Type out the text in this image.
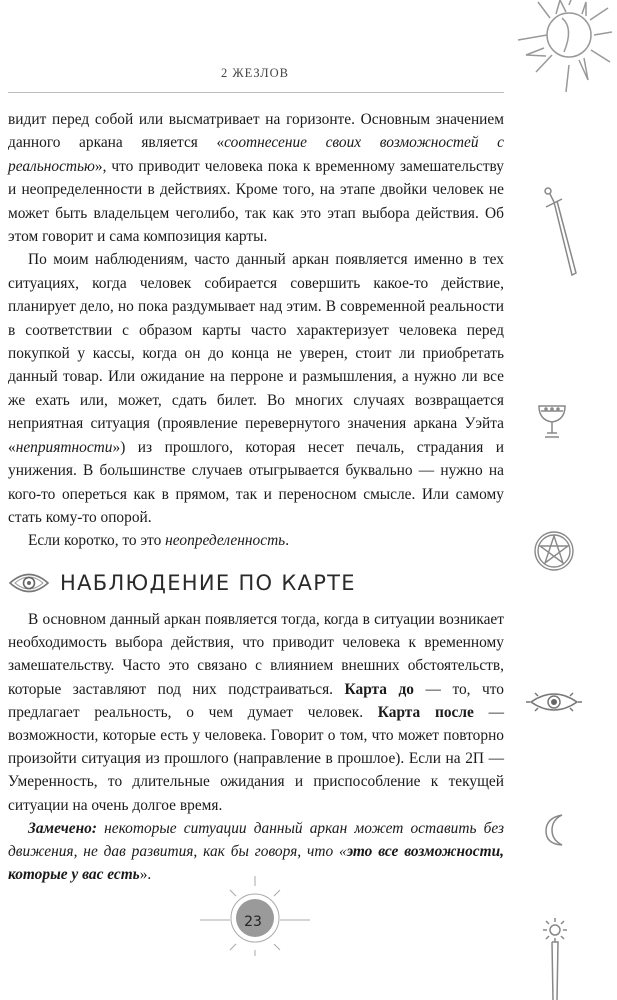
2 ЖЕЗЛОВ

видит перед собой или высматривает на горизонте. Основным значением данного аркана является «соотнесение своих возможностей с реальностью», что приводит человека пока к временному замешательству и неопределенности в действиях. Кроме того, на этапе двойки человек не может быть владельцем чеголибо, так как это этап выбора действия. Об этом говорит и сама композиция карты.

По моим наблюдениям, часто данный аркан появляется именно в тех ситуациях, когда человек собирается совершить какое-то действие, планирует дело, но пока раздумывает над этим. В современной реальности в соответствии с образом карты часто характеризует человека перед покупкой у кассы, когда он до конца не уверен, стоит ли приобретать данный товар. Или ожидание на перроне и размышления, а нужно ли все же ехать или, может, сдать билет. Во многих случаях возвращается неприятная ситуация (проявление перевернутого значения аркана Уэйта «неприятности») из прошлого, которая несет печаль, страдания и унижения. В большинстве случаев отыгрывается буквально — нужно на кого-то опереться как в прямом, так и переносном смысле. Или самому стать кому-то опорой.

Если коротко, то это неопределенность.

НАБЛЮДЕНИЕ ПО КАРТЕ

В основном данный аркан появляется тогда, когда в ситуации возникает необходимость выбора действия, что приводит человека к временному замешательству. Часто это связано с влиянием внешних обстоятельств, которые заставляют под них подстраиваться. Карта до — то, что предлагает реальность, о чем думает человек. Карта после — возможности, которые есть у человека. Говорит о том, что может повторно произойти ситуация из прошлого (направление в прошлое). Если на 2П — Умеренность, то длительные ожидания и приспособление к текущей ситуации на очень долгое время.

Замечено: некоторые ситуации данный аркан может оставить без движения, не дав развития, как бы говоря, что «это все возможности, которые у вас есть».

23
